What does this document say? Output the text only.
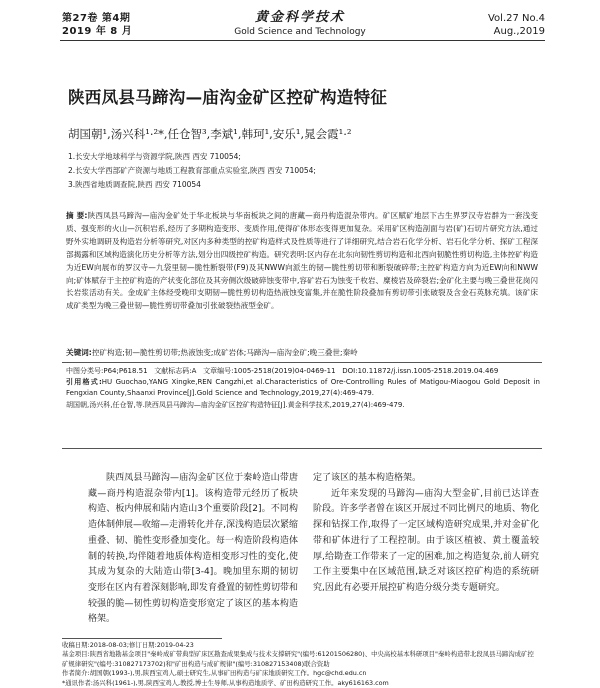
第27卷 第4期
2019 年 8 月
黄金科学技术
Gold Science and Technology
Vol.27 No.4
Aug.,2019
陕西凤县马蹄沟—庙沟金矿区控矿构造特征
胡国朝¹,汤兴科¹·²*,任仓智³,李斌¹,韩珂¹,安乐¹,晁会霞¹·²
1.长安大学地球科学与资源学院,陕西 西安 710054;
2.长安大学西部矿产资源与地质工程教育部重点实验室,陕西 西安 710054;
3.陕西省地质调查院,陕西 西安 710054
摘 要:陕西凤县马蹄沟—庙沟金矿处于华北板块与华南板块之间的唐藏—商丹构造混杂带内。矿区赋矿地层下古生界罗汉寺岩群为一套浅变质、强变形的火山—沉积岩系,经历了多期构造变形、变质作用,使得矿体形态变得更加复杂。采用矿区构造剖面与岩(矿)石切片研究方法,通过野外实地调研及构造岩分析等研究,对区内多种类型的控矿构造样式及性质等进行了详细研究,结合岩石化学分析、岩石化学分析、探矿工程深部揭露和区域构造演化历史分析等方法,划分出四级控矿构造。研究表明:区内存在北东向韧性剪切构造和北西向韧脆性剪切构造,主体控矿构造为近EW向展布的罗汉寺—九袋里韧—脆性断裂带(F9)及其NWW向派生的韧—脆性剪切带和断裂破碎带;主控矿构造方向为近EW向和NWW向;矿体赋存于主控矿构造的产状变化部位及其旁侧次级破碎蚀变带中,容矿岩石为蚀变千枚岩、糜棱岩及碎裂岩;金矿化主要与晚三叠世花岗闪长岩浆活动有关。金成矿主体经受晚印支期韧—脆性剪切构造热液蚀变富集,并在脆性阶段叠加有剪切带引张破裂及含金石英脉充填。该矿床成矿类型为晚三叠世韧—脆性剪切带叠加引张破裂热液型金矿。
关键词:控矿构造;韧—脆性剪切带;热液蚀变;成矿岩体;马蹄沟—庙沟金矿;晚三叠世;秦岭
中图分类号:P64;P618.51 文献标志码:A 文章编号:1005-2518(2019)04-0469-11 DOI:10.11872/j.issn.1005-2518.2019.04.469
引用格式:HU Guochao,YANG Xingke,REN Cangzhi,et al.Characteristics of Ore-Controlling Rules of Matigou-Miaogou Gold Deposit in Fengxian County,Shaanxi Province[J].Gold Science and Technology,2019,27(4):469-479.
胡国朝,汤兴科,任仓智,等.陕西凤县马蹄沟—庙沟金矿区控矿构造特征[J].黄金科学技术,2019,27(4):469-479.
陕西凤县马蹄沟—庙沟金矿区位于秦岭造山带唐藏—商丹构造混杂带内[1]。该构造带元经历了板块构造、板内伸展和陆内造山3个重要阶段[2]。不同构造体制伸展—收缩—走滑转化并存,深浅构造层次紧缩重叠、韧、脆性变形叠加变化。每一构造阶段构造体制的转换,均伴随着地质体构造相变形习性的变化,使其成为复杂的大陆造山带[3-4]。晚加里东期的韧切变形在区内有着深刻影响,即发育叠置的韧性剪切带和较强的脆—韧性剪切构造变形宽定了该区的基本构造格架。
定了该区的基本构造格架。
近年来发现的马蹄沟—庙沟大型金矿,目前已达详查阶段。许多学者曾在该区开展过不同比例尺的地质、物化探和钻探工作,取得了一定区域构造研究成果,并对金矿化带和矿体进行了工程控制。由于该区植被、黄土覆盖较厚,给勘查工作带来了一定的困难,加之构造复杂,前人研究工作主要集中在区域范围,缺乏对该区控矿构造的系统研究,因此有必要开展控矿构造分级分类专题研究。
收稿日期:2018-08-03;修订日期:2019-04-23
基金项目:陕西省地勘基金项目"秦岭成矿带典型矿床区勘查成果集成与技术支撑研究"(编号:61201506280)、中央高校基本科研项目"秦岭构造带北段凤县马蹄沟成矿控矿规律研究"(编号:310827173702)和"矿田构造与成矿规律"(编号:310827153408)联合资助
作者简介:胡国朝(1993-),男,陕西宝鸡人,硕士研究生,从事矿田构造与矿床地质研究工作。hgc@chd.edu.cn
*通讯作者:汤兴科(1961-),男,陕西宝鸡人,教授,博士生导师,从事构造地质学、矿田构造研究工作。aky616163.com
